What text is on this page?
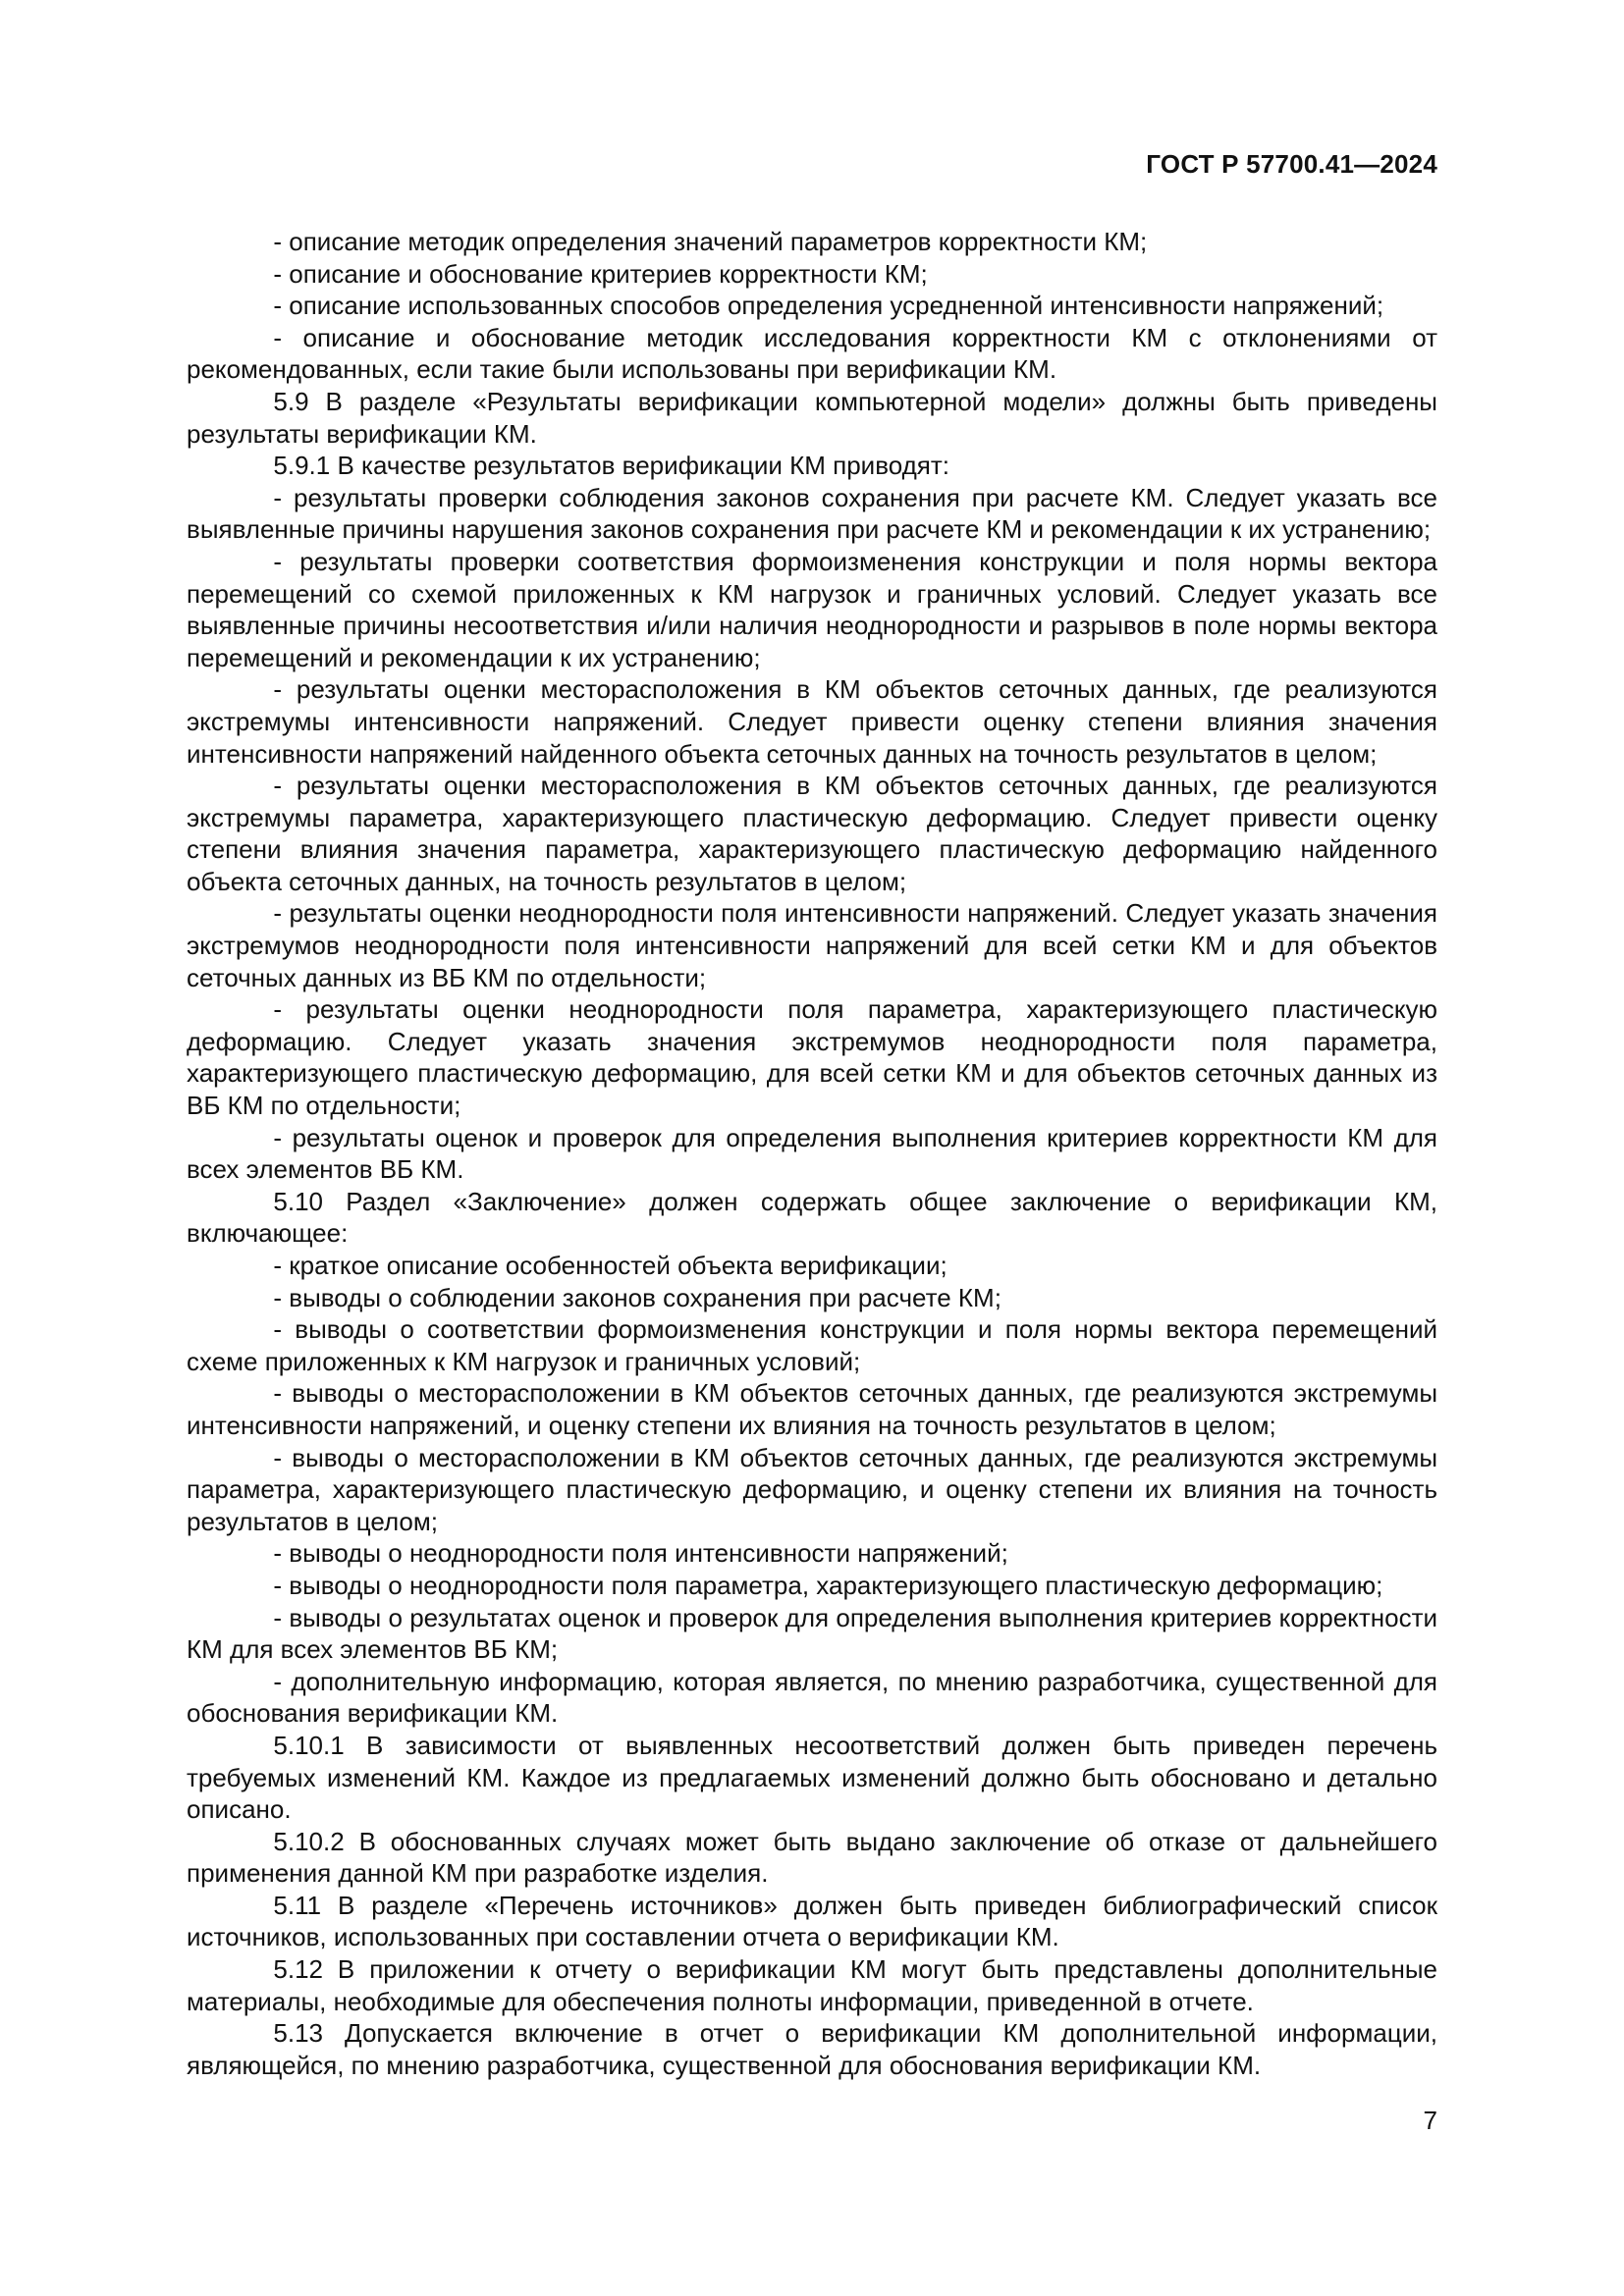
ГОСТ Р 57700.41—2024

- описание методик определения значений параметров корректности КМ;

- описание и обоснование критериев корректности КМ;

- описание использованных способов определения усредненной интенсивности напряжений;

- описание и обоснование методик исследования корректности КМ с отклонениями от рекомендованных, если такие были использованы при верификации КМ.

5.9 В разделе «Результаты верификации компьютерной модели» должны быть приведены результаты верификации КМ.

5.9.1 В качестве результатов верификации КМ приводят:

- результаты проверки соблюдения законов сохранения при расчете КМ. Следует указать все выявленные причины нарушения законов сохранения при расчете КМ и рекомендации к их устранению;

- результаты проверки соответствия формоизменения конструкции и поля нормы вектора перемещений со схемой приложенных к КМ нагрузок и граничных условий. Следует указать все выявленные причины несоответствия и/или наличия неоднородности и разрывов в поле нормы вектора перемещений и рекомендации к их устранению;

- результаты оценки месторасположения в КМ объектов сеточных данных, где реализуются экстремумы интенсивности напряжений. Следует привести оценку степени влияния значения интенсивности напряжений найденного объекта сеточных данных на точность результатов в целом;

- результаты оценки месторасположения в КМ объектов сеточных данных, где реализуются экстремумы параметра, характеризующего пластическую деформацию. Следует привести оценку степени влияния значения параметра, характеризующего пластическую деформацию найденного объекта сеточных данных, на точность результатов в целом;

- результаты оценки неоднородности поля интенсивности напряжений. Следует указать значения экстремумов неоднородности поля интенсивности напряжений для всей сетки КМ и для объектов сеточных данных из ВБ КМ по отдельности;

- результаты оценки неоднородности поля параметра, характеризующего пластическую деформацию. Следует указать значения экстремумов неоднородности поля параметра, характеризующего пластическую деформацию, для всей сетки КМ и для объектов сеточных данных из ВБ КМ по отдельности;

- результаты оценок и проверок для определения выполнения критериев корректности КМ для всех элементов ВБ КМ.

5.10 Раздел «Заключение» должен содержать общее заключение о верификации КМ, включающее:

- краткое описание особенностей объекта верификации;

- выводы о соблюдении законов сохранения при расчете КМ;

- выводы о соответствии формоизменения конструкции и поля нормы вектора перемещений схеме приложенных к КМ нагрузок и граничных условий;

- выводы о месторасположении в КМ объектов сеточных данных, где реализуются экстремумы интенсивности напряжений, и оценку степени их влияния на точность результатов в целом;

- выводы о месторасположении в КМ объектов сеточных данных, где реализуются экстремумы параметра, характеризующего пластическую деформацию, и оценку степени их влияния на точность результатов в целом;

- выводы о неоднородности поля интенсивности напряжений;

- выводы о неоднородности поля параметра, характеризующего пластическую деформацию;

- выводы о результатах оценок и проверок для определения выполнения критериев корректности КМ для всех элементов ВБ КМ;

- дополнительную информацию, которая является, по мнению разработчика, существенной для обоснования верификации КМ.

5.10.1 В зависимости от выявленных несоответствий должен быть приведен перечень требуемых изменений КМ. Каждое из предлагаемых изменений должно быть обосновано и детально описано.

5.10.2 В обоснованных случаях может быть выдано заключение об отказе от дальнейшего применения данной КМ при разработке изделия.

5.11 В разделе «Перечень источников» должен быть приведен библиографический список источников, использованных при составлении отчета о верификации КМ.

5.12 В приложении к отчету о верификации КМ могут быть представлены дополнительные материалы, необходимые для обеспечения полноты информации, приведенной в отчете.

5.13 Допускается включение в отчет о верификации КМ дополнительной информации, являющейся, по мнению разработчика, существенной для обоснования верификации КМ.

7
